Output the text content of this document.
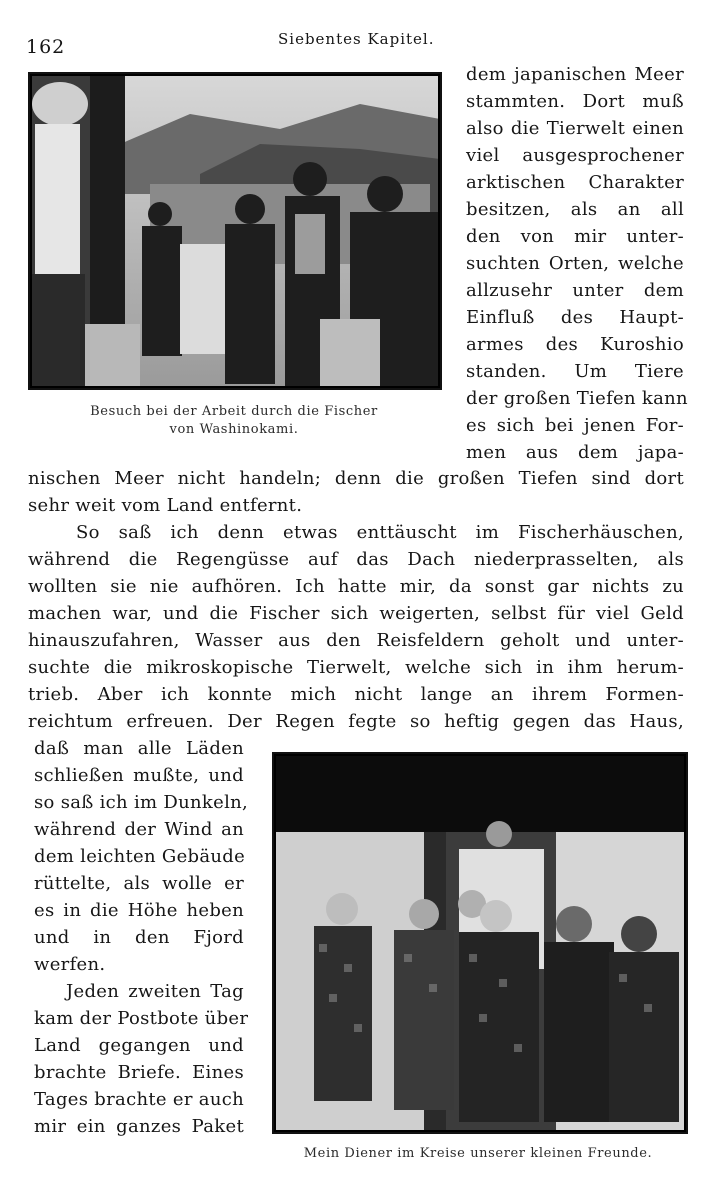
162	Siebentes Kapitel.
Besuch bei der Arbeit durch die Fischer
von Washinokami.
dem japanischen Meer
stammten. Dort muß
also die Tierwelt einen
viel ausgesprochener
arktischen Charakter
besitzen, als an all
den von mir unter-
suchten Orten, welche
allzusehr unter dem
Einfluß des Haupt-
armes des Kuroshio
standen. Um Tiere
der großen Tiefen kann
es sich bei jenen For-
men aus dem japa-
nischen Meer nicht handeln; denn die großen Tiefen sind dort
sehr weit vom Land entfernt.
So saß ich denn etwas enttäuscht im Fischerhäuschen,
während die Regengüsse auf das Dach niederprasselten, als
wollten sie nie aufhören. Ich hatte mir, da sonst gar nichts zu
machen war, und die Fischer sich weigerten, selbst für viel Geld
hinauszufahren, Wasser aus den Reisfeldern geholt und unter-
suchte die mikroskopische Tierwelt, welche sich in ihm herum-
trieb. Aber ich konnte mich nicht lange an ihrem Formen-
reichtum erfreuen. Der Regen fegte so heftig gegen das Haus,
daß man alle Läden
schließen mußte, und
so saß ich im Dunkeln,
während der Wind an
dem leichten Gebäude
rüttelte, als wolle er
es in die Höhe heben
und in den Fjord
werfen.
Jeden zweiten Tag
kam der Postbote über
Land gegangen und
brachte Briefe. Eines
Tages brachte er auch
mir ein ganzes Paket
Mein Diener im Kreise unserer kleinen Freunde.
